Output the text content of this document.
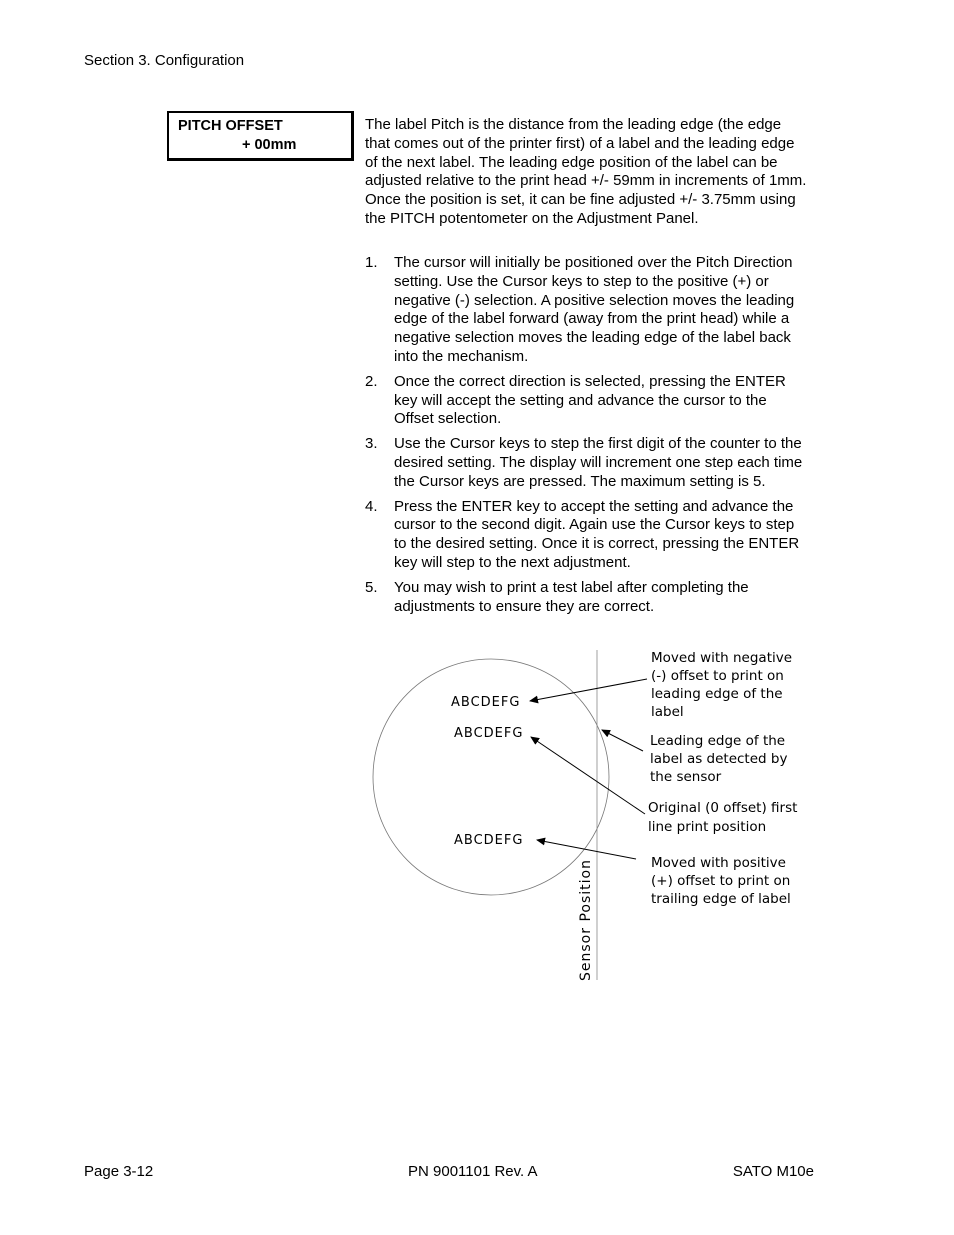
Section 3. Configuration
PITCH OFFSET
+ 00mm

The label Pitch is the distance from the leading edge (the edge that comes out of the printer first) of a label and the leading edge of the next label. The leading edge position of the label can be adjusted relative to the print head +/- 59mm in increments of 1mm. Once the position is set, it can be fine adjusted +/- 3.75mm using the PITCH potentometer on the Adjustment Panel.

1. The cursor will initially be positioned over the Pitch Direction setting. Use the Cursor keys to step to the positive (+) or negative (-) selection. A positive selection moves the leading edge of the label forward (away from the print head) while a negative selection moves the leading edge of the label back into the mechanism.
2. Once the correct direction is selected, pressing the ENTER key will accept the setting and advance the cursor to the Offset selection.
3. Use the Cursor keys to step the first digit of the counter to the desired setting. The display will increment one step each time the Cursor keys are pressed. The maximum setting is 5.
4. Press the ENTER key to accept the setting and advance the cursor to the second digit. Again use the Cursor keys to step to the desired setting. Once it is correct, pressing the ENTER key will step to the next adjustment.
5. You may wish to print a test label after completing the adjustments to ensure they are correct.
ABCDEFG
ABCDEFG
ABCDEFG
Sensor Position
Moved with negative
(-) offset to print on
leading edge of the
label
Leading edge of the
label as detected by
the sensor
Original (0 offset) first
line print position
Moved with positive
(+) offset to print on
trailing edge of label
Page 3-12	PN 9001101 Rev. A	SATO M10e
